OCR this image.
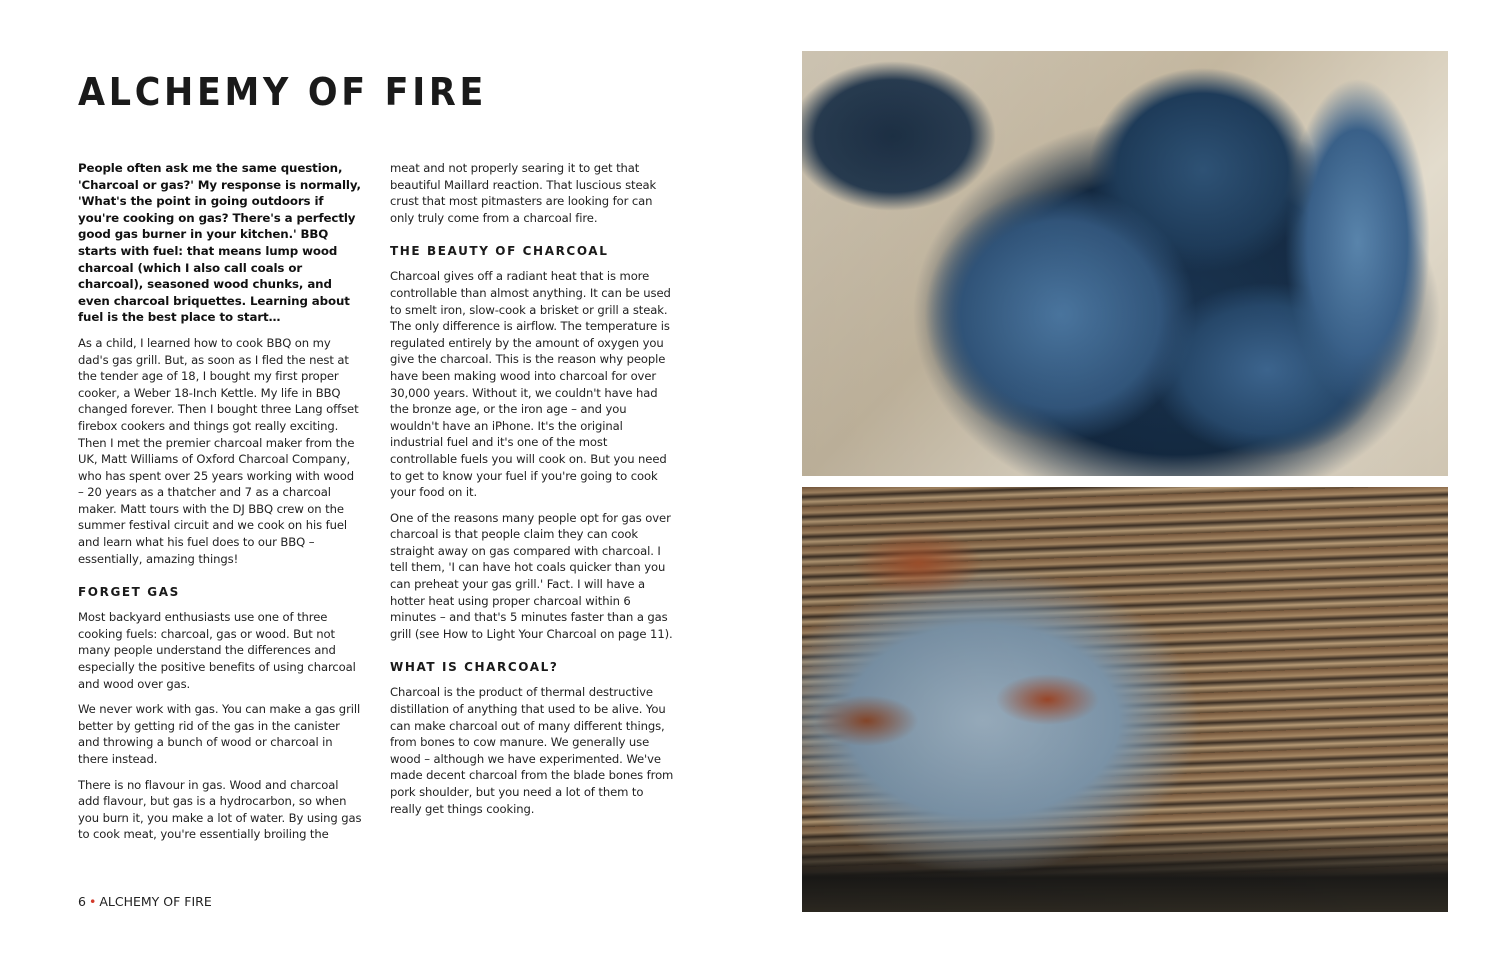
ALCHEMY OF FIRE

People often ask me the same question, 'Charcoal or gas?' My response is normally, 'What's the point in going outdoors if you're cooking on gas? There's a perfectly good gas burner in your kitchen.' BBQ starts with fuel: that means lump wood charcoal (which I also call coals or charcoal), seasoned wood chunks, and even charcoal briquettes. Learning about fuel is the best place to start…

As a child, I learned how to cook BBQ on my dad's gas grill. But, as soon as I fled the nest at the tender age of 18, I bought my first proper cooker, a Weber 18-Inch Kettle. My life in BBQ changed forever. Then I bought three Lang offset firebox cookers and things got really exciting. Then I met the premier charcoal maker from the UK, Matt Williams of Oxford Charcoal Company, who has spent over 25 years working with wood – 20 years as a thatcher and 7 as a charcoal maker. Matt tours with the DJ BBQ crew on the summer festival circuit and we cook on his fuel and learn what his fuel does to our BBQ – essentially, amazing things!

FORGET GAS

Most backyard enthusiasts use one of three cooking fuels: charcoal, gas or wood. But not many people understand the differences and especially the positive benefits of using charcoal and wood over gas.

We never work with gas. You can make a gas grill better by getting rid of the gas in the canister and throwing a bunch of wood or charcoal in there instead.

There is no flavour in gas. Wood and charcoal add flavour, but gas is a hydrocarbon, so when you burn it, you make a lot of water. By using gas to cook meat, you're essentially broiling the

meat and not properly searing it to get that beautiful Maillard reaction. That luscious steak crust that most pitmasters are looking for can only truly come from a charcoal fire.

THE BEAUTY OF CHARCOAL

Charcoal gives off a radiant heat that is more controllable than almost anything. It can be used to smelt iron, slow-cook a brisket or grill a steak. The only difference is airflow. The temperature is regulated entirely by the amount of oxygen you give the charcoal. This is the reason why people have been making wood into charcoal for over 30,000 years. Without it, we couldn't have had the bronze age, or the iron age – and you wouldn't have an iPhone. It's the original industrial fuel and it's one of the most controllable fuels you will cook on. But you need to get to know your fuel if you're going to cook your food on it.

One of the reasons many people opt for gas over charcoal is that people claim they can cook straight away on gas compared with charcoal. I tell them, 'I can have hot coals quicker than you can preheat your gas grill.' Fact. I will have a hotter heat using proper charcoal within 6 minutes – and that's 5 minutes faster than a gas grill (see How to Light Your Charcoal on page 11).

WHAT IS CHARCOAL?

Charcoal is the product of thermal destructive distillation of anything that used to be alive. You can make charcoal out of many different things, from bones to cow manure. We generally use wood – although we have experimented. We've made decent charcoal from the blade bones from pork shoulder, but you need a lot of them to really get things cooking.

6 • ALCHEMY OF FIRE
